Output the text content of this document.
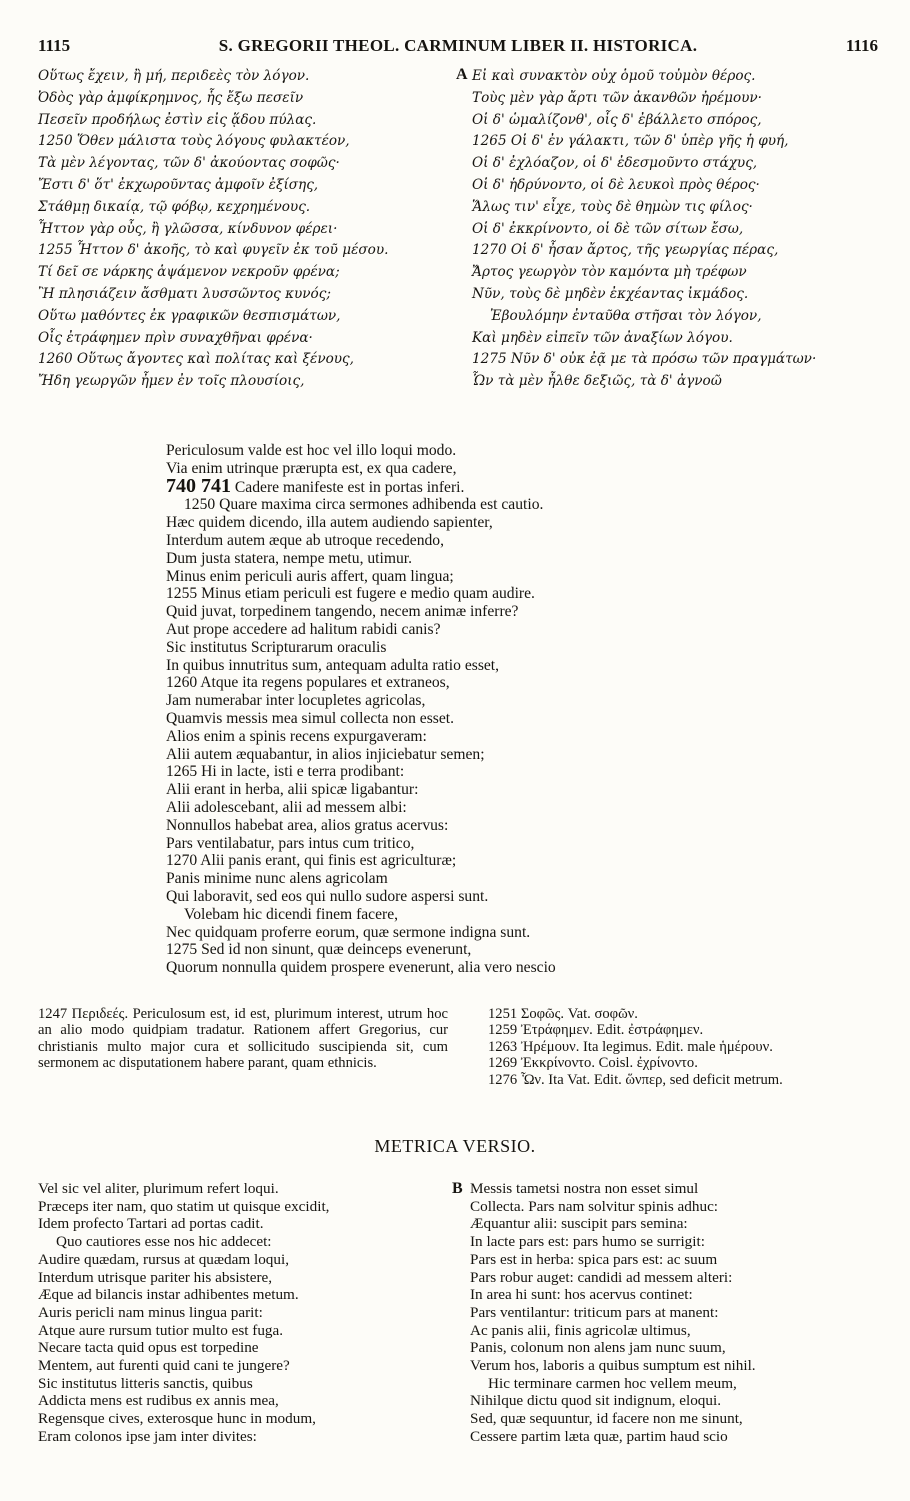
1115	S. GREGORII THEOL. CARMINUM LIBER II. HISTORICA.	1116
Οὕτως ἔχειν, ἢ μή, περιδεὲς τὸν λόγον.
Ὀδὸς γὰρ ἀμφίκρημνος, ἧς ἔξω πεσεῖν
Πεσεῖν προδήλως ἐστὶν εἰς ᾅδου πύλας.
1250 Ὅθεν μάλιστα τοὺς λόγους φυλακτέον,
Τὰ μὲν λέγοντας, τῶν δ' ἀκούοντας σοφῶς·
Ἔστι δ' ὅτ' ἐκχωροῦντας ἀμφοῖν ἐξίσης,
Στάθμῃ δικαίᾳ, τῷ φόβῳ, κεχρημένους.
Ἧττον γὰρ οὖς, ἢ γλῶσσα, κίνδυνον φέρει·
1255 Ἧττον δ' ἀκοῆς, τὸ καὶ φυγεῖν ἐκ τοῦ μέσου.
Τί δεῖ σε νάρκης ἁψάμενον νεκροῦν φρένα;
Ἢ πλησιάζειν ἄσθματι λυσσῶντος κυνός;
Οὕτω μαθόντες ἐκ γραφικῶν θεσπισμάτων,
Οἷς ἐτράφημεν πρὶν συναχθῆναι φρένα·
1260 Οὕτως ἄγοντες καὶ πολίτας καὶ ξένους,
Ἤδη γεωργῶν ἦμεν ἐν τοῖς πλουσίοις,
A Εἰ καὶ συνακτὸν οὐχ ὁμοῦ τοὐμὸν θέρος.
Τοὺς μὲν γὰρ ἄρτι τῶν ἀκανθῶν ἠρέμουν·
Οἱ δ' ὡμαλίζονθ', οἷς δ' ἐβάλλετο σπόρος,
1265 Οἱ δ' ἐν γάλακτι, τῶν δ' ὑπὲρ γῆς ἡ φυή,
Οἱ δ' ἐχλόαζον, οἱ δ' ἐδεσμοῦντο στάχυς,
Οἱ δ' ἡδρύνοντο, οἱ δὲ λευκοὶ πρὸς θέρος·
Ἅλως τιν' εἶχε, τοὺς δὲ θημὼν τις φίλος·
Οἱ δ' ἐκκρίνοντο, οἱ δὲ τῶν σίτων ἔσω,
1270 Οἱ δ' ἦσαν ἄρτος, τῆς γεωργίας πέρας,
Ἄρτος γεωργὸν τὸν καμόντα μὴ τρέφων
Νῦν, τοὺς δὲ μηδὲν ἐκχέαντας ἰκμάδος.
Ἐβουλόμην ἐνταῦθα στῆσαι τὸν λόγον,
Καὶ μηδὲν εἰπεῖν τῶν ἀναξίων λόγου.
1275 Νῦν δ' οὐκ ἐᾷ με τὰ πρόσω τῶν πραγμάτων·
Ὧν τὰ μὲν ἦλθε δεξιῶς, τὰ δ' ἀγνοῶ
Periculosum valde est hoc vel illo loqui modo.
Via enim utrinque prærupta est, ex qua cadere,
740 741 Cadere manifeste est in portas inferi.
1250 Quare maxima circa sermones adhibenda est cautio.
Hæc quidem dicendo, illa autem audiendo sapienter,
Interdum autem æque ab utroque recedendo,
Dum justa statera, nempe metu, utimur.
Minus enim periculi auris affert, quam lingua;
1255 Minus etiam periculi est fugere e medio quam audire.
Quid juvat, torpedinem tangendo, necem animæ inferre?
Aut prope accedere ad halitum rabidi canis?
Sic institutus Scripturarum oraculis
In quibus innutritus sum, antequam adulta ratio esset,
1260 Atque ita regens populares et extraneos,
Jam numerabar inter locupletes agricolas,
Quamvis messis mea simul collecta non esset.
Alios enim a spinis recens expurgaveram:
Alii autem æquabantur, in alios injiciebatur semen;
1265 Hi in lacte, isti e terra prodibant:
Alii erant in herba, alii spicæ ligabantur:
Alii adolescebant, alii ad messem albi:
Nonnullos habebat area, alios gratus acervus:
Pars ventilabatur, pars intus cum tritico,
1270 Alii panis erant, qui finis est agriculturæ;
Panis minime nunc alens agricolam
Qui laboravit, sed eos qui nullo sudore aspersi sunt.
Volebam hic dicendi finem facere,
Nec quidquam proferre eorum, quæ sermone indigna sunt.
1275 Sed id non sinunt, quæ deinceps evenerunt,
Quorum nonnulla quidem prospere evenerunt, alia vero nescio
1247 Περιδεές. Periculosum est, id est, plurimum interest, utrum hoc an alio modo quidpiam tradatur. Rationem affert Gregorius, cur christianis multo major cura et sollicitudo suscipienda sit, cum sermonem ac disputationem habere parant, quam ethnicis.
1251 Σοφῶς. Vat. σοφῶν.
1259 Ἐτράφημεν. Edit. ἐστράφημεν.
1263 Ἠρέμουν. Ita legimus. Edit. male ἡμέρουν.
1269 Ἐκκρίνοντο. Coisl. ἐχρίνοντο.
1276 Ὧν. Ita Vat. Edit. ὥνπερ, sed deficit metrum.
METRICA VERSIO.
Vel sic vel aliter, plurimum refert loqui.
Præceps iter nam, quo statim ut quisque excidit,
Idem profecto Tartari ad portas cadit.
Quo cautiores esse nos hic addecet:
Audire quædam, rursus at quædam loqui,
Interdum utrisque pariter his absistere,
Æque ad bilancis instar adhibentes metum.
Auris pericli nam minus lingua parit:
Atque aure rursum tutior multo est fuga.
Necare tacta quid opus est torpedine
Mentem, aut furenti quid cani te jungere?
Sic institutus litteris sanctis, quibus
Addicta mens est rudibus ex annis mea,
Regensque cives, exterosque hunc in modum,
Eram colonos ipse jam inter divites:
B Messis tametsi nostra non esset simul
Collecta. Pars nam solvitur spinis adhuc:
Æquantur alii: suscipit pars semina:
In lacte pars est: pars humo se surrigit:
Pars est in herba: spica pars est: ac suum
Pars robur auget: candidi ad messem alteri:
In area hi sunt: hos acervus continet:
Pars ventilantur: triticum pars at manent:
Ac panis alii, finis agricolæ ultimus,
Panis, colonum non alens jam nunc suum,
Verum hos, laboris a quibus sumptum est nihil.
Hic terminare carmen hoc vellem meum,
Nihilque dictu quod sit indignum, eloqui.
Sed, quæ sequuntur, id facere non me sinunt,
Cessere partim læta quæ, partim haud scio
